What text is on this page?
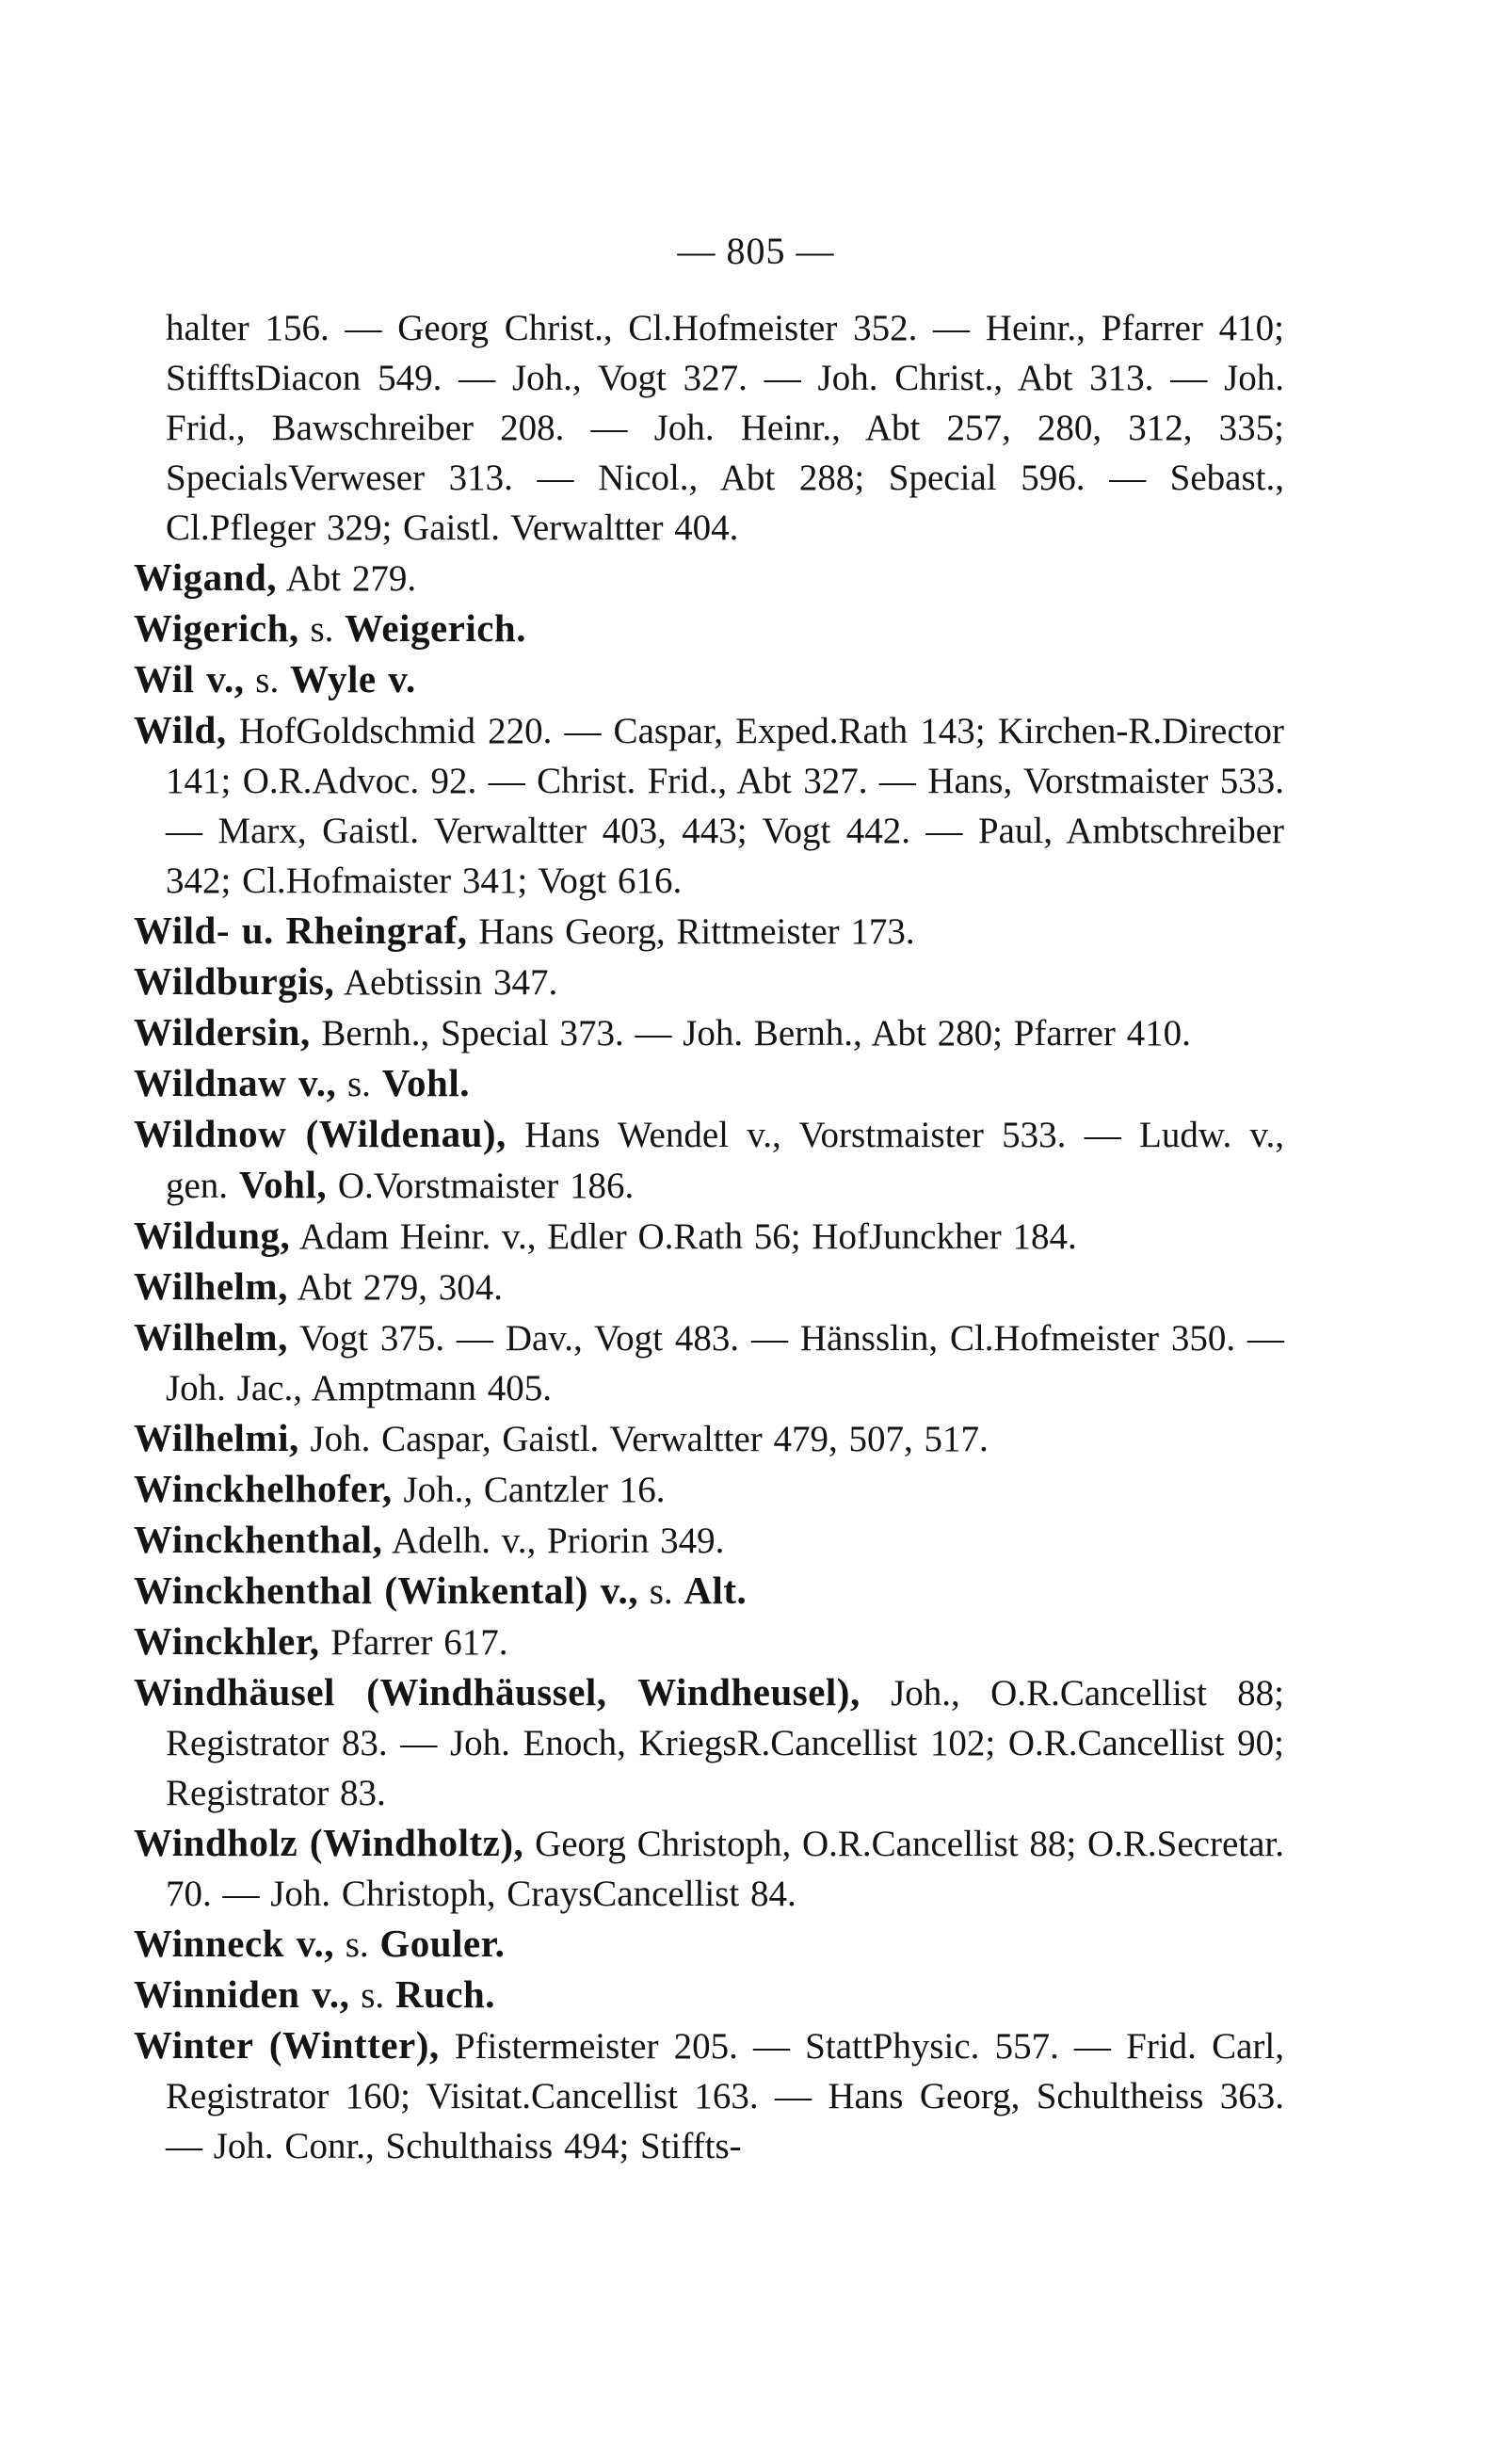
— 805 —

halter 156. — Georg Christ., Cl.Hofmeister 352. — Heinr., Pfarrer 410; StifftsDiacon 549. — Joh., Vogt 327. — Joh. Christ., Abt 313. — Joh. Frid., Bawschreiber 208. — Joh. Heinr., Abt 257, 280, 312, 335; SpecialsVerweser 313. — Nicol., Abt 288; Special 596. — Sebast., Cl.Pfleger 329; Gaistl. Verwaltter 404.

Wigand, Abt 279.

Wigerich, s. Weigerich.

Wil v., s. Wyle v.

Wild, HofGoldschmid 220. — Caspar, Exped.Rath 143; Kirchen-R.Director 141; O.R.Advoc. 92. — Christ. Frid., Abt 327. — Hans, Vorstmaister 533. — Marx, Gaistl. Verwaltter 403, 443; Vogt 442. — Paul, Ambtschreiber 342; Cl.Hofmaister 341; Vogt 616.

Wild- u. Rheingraf, Hans Georg, Rittmeister 173.

Wildburgis, Aebtissin 347.

Wildersin, Bernh., Special 373. — Joh. Bernh., Abt 280; Pfarrer 410.

Wildnaw v., s. Vohl.

Wildnow (Wildenau), Hans Wendel v., Vorstmaister 533. — Ludw. v., gen. Vohl, O.Vorstmaister 186.

Wildung, Adam Heinr. v., Edler O.Rath 56; HofJunckher 184.

Wilhelm, Abt 279, 304.

Wilhelm, Vogt 375. — Dav., Vogt 483. — Hänsslin, Cl.Hofmeister 350. — Joh. Jac., Amptmann 405.

Wilhelmi, Joh. Caspar, Gaistl. Verwaltter 479, 507, 517.

Winckhelhofer, Joh., Cantzler 16.

Winckhenthal, Adelh. v., Priorin 349.

Winckhenthal (Winkental) v., s. Alt.

Winckhler, Pfarrer 617.

Windhäusel (Windhäussel, Windheusel), Joh., O.R.Cancellist 88; Registrator 83. — Joh. Enoch, KriegsR.Cancellist 102; O.R.Cancellist 90; Registrator 83.

Windholz (Windholtz), Georg Christoph, O.R.Cancellist 88; O.R.Secretar. 70. — Joh. Christoph, CraysCancellist 84.

Winneck v., s. Gouler.

Winniden v., s. Ruch.

Winter (Wintter), Pfistermeister 205. — StattPhysic. 557. — Frid. Carl, Registrator 160; Visitat.Cancellist 163. — Hans Georg, Schultheiss 363. — Joh. Conr., Schulthaiss 494; Stiffts-
